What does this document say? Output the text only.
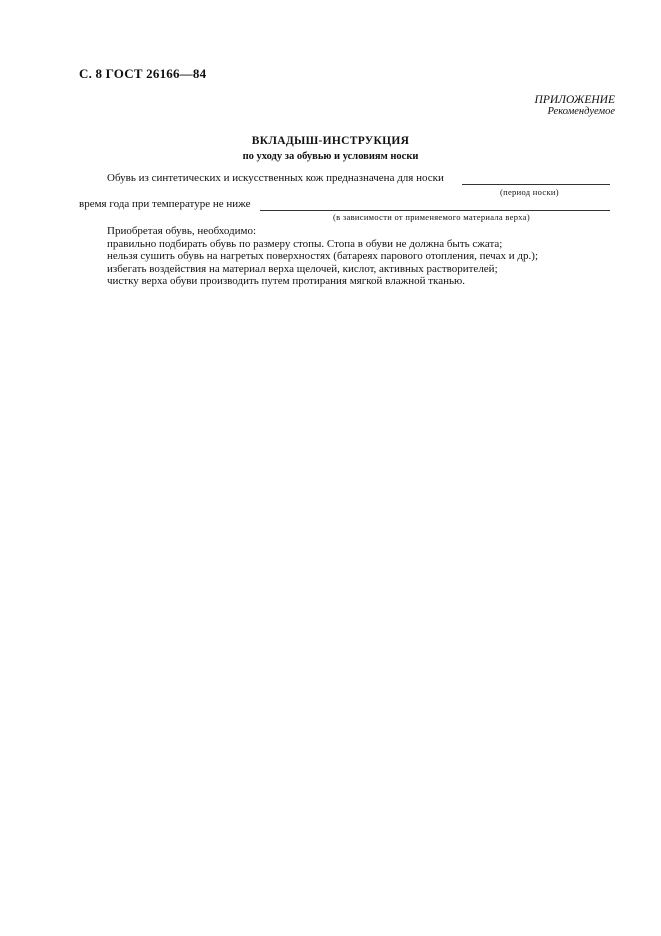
С. 8 ГОСТ 26166—84
ПРИЛОЖЕНИЕ
Рекомендуемое
ВКЛАДЫШ-ИНСТРУКЦИЯ
по уходу за обувью и условиям носки
Обувь из синтетических и искусственных кож предназначена для носки
(период носки)
время года при температуре не ниже
(в зависимости от применяемого материала верха)
Приобретая обувь, необходимо:
правильно подбирать обувь по размеру стопы. Стопа в обуви не должна быть сжата;
нельзя сушить обувь на нагретых поверхностях (батареях парового отопления, печах и др.);
избегать воздействия на материал верха щелочей, кислот, активных растворителей;
чистку верха обуви производить путем протирания мягкой влажной тканью.
